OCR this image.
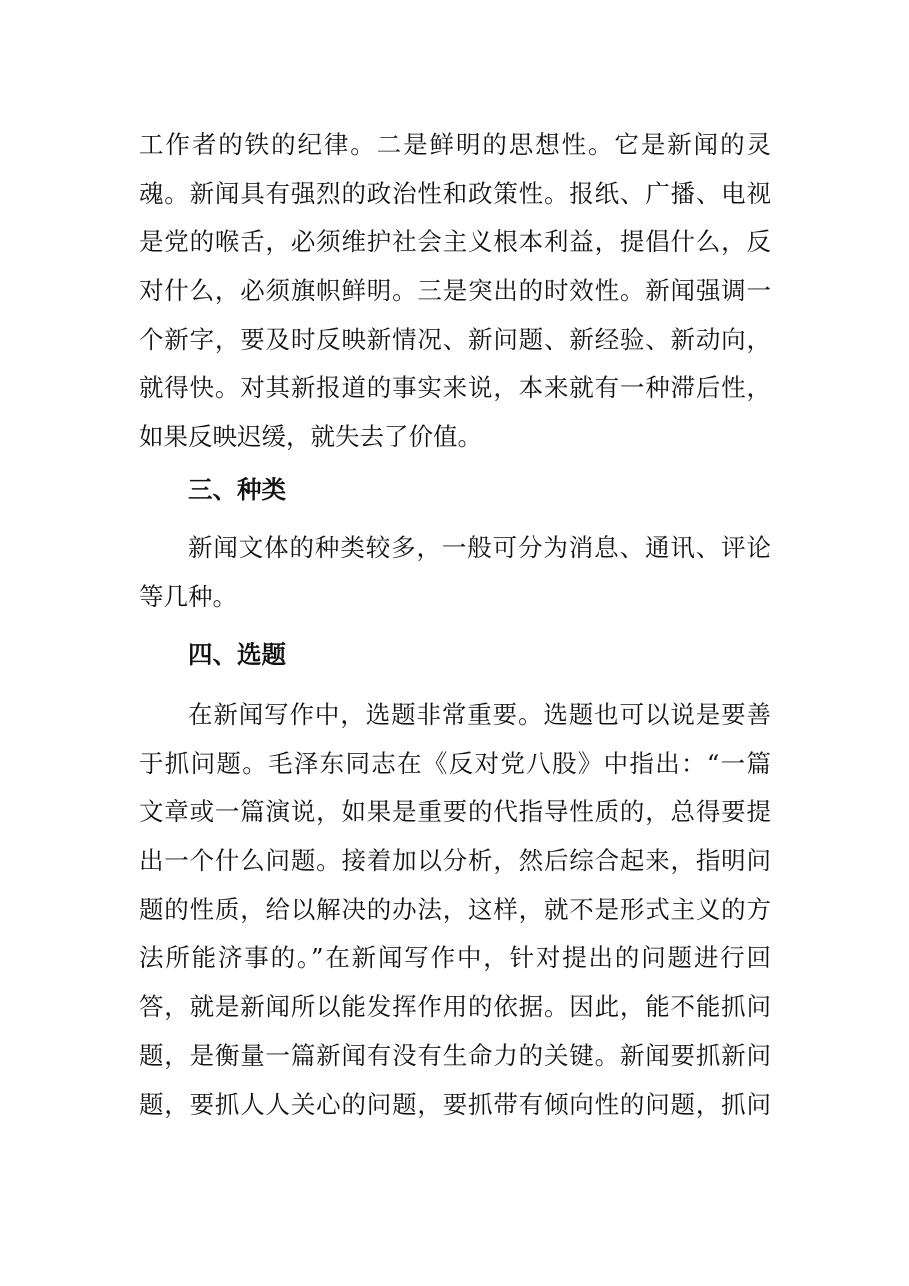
工作者的铁的纪律。二是鲜明的思想性。它是新闻的灵
魂。新闻具有强烈的政治性和政策性。报纸、广播、电视
是党的喉舌，必须维护社会主义根本利益，提倡什么，反
对什么，必须旗帜鲜明。三是突出的时效性。新闻强调一
个新字，要及时反映新情况、新问题、新经验、新动向，
就得快。对其新报道的事实来说，本来就有一种滞后性，
如果反映迟缓，就失去了价值。
三、种类
新闻文体的种类较多，一般可分为消息、通讯、评论
等几种。
四、选题
在新闻写作中，选题非常重要。选题也可以说是要善
于抓问题。毛泽东同志在《反对党八股》中指出：“一篇
文章或一篇演说，如果是重要的代指导性质的，总得要提
出一个什么问题。接着加以分析，然后综合起来，指明问
题的性质，给以解决的办法，这样，就不是形式主义的方
法所能济事的。”在新闻写作中，针对提出的问题进行回
答，就是新闻所以能发挥作用的依据。因此，能不能抓问
题，是衡量一篇新闻有没有生命力的关键。新闻要抓新问
题，要抓人人关心的问题，要抓带有倾向性的问题，抓问
